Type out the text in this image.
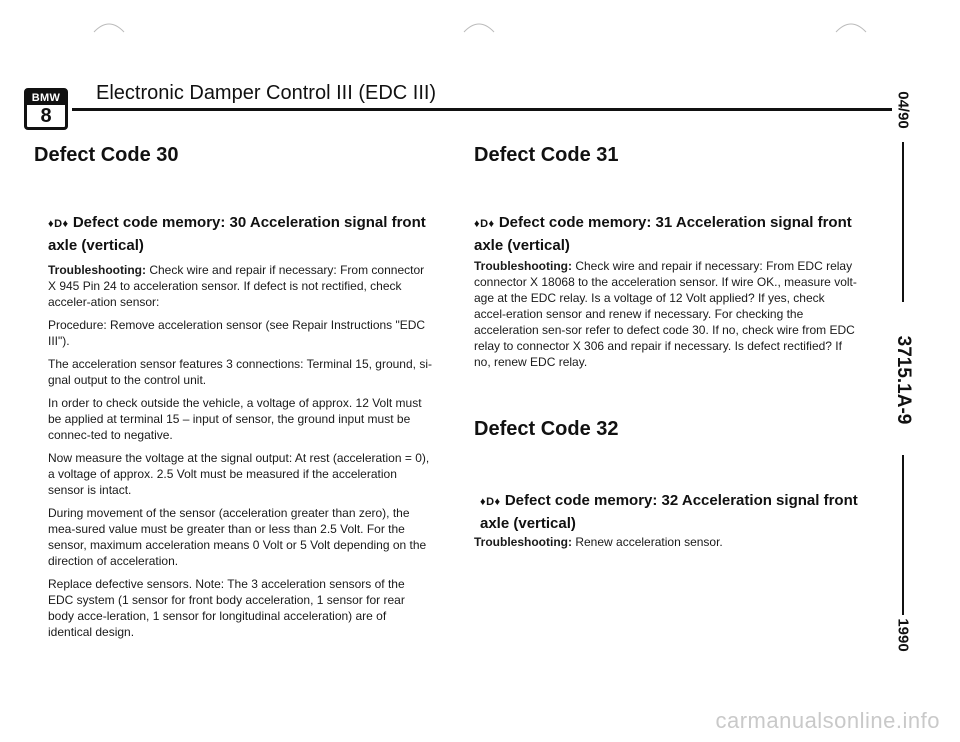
BMW
8
Electronic Damper Control III (EDC III)	04/90
3715.1A-9
1990
Defect Code 30
♦D♦ Defect code memory: 30 Acceleration signal front axle (vertical)

Troubleshooting: Check wire and repair if necessary: From connector X 945 Pin 24 to acceleration sensor. If defect is not rectified, check acceler-ation sensor:

Procedure: Remove acceleration sensor (see Repair Instructions "EDC III").

The acceleration sensor features 3 connections: Terminal 15, ground, si-gnal output to the control unit.

In order to check outside the vehicle, a voltage of approx. 12 Volt must be applied at terminal 15 – input of sensor, the ground input must be connec-ted to negative.

Now measure the voltage at the signal output: At rest (acceleration = 0), a voltage of approx. 2.5 Volt must be measured if the acceleration sensor is intact.

During movement of the sensor (acceleration greater than zero), the mea-sured value must be greater than or less than 2.5 Volt. For the sensor, maximum acceleration means 0 Volt or 5 Volt depending on the direction of acceleration.

Replace defective sensors. Note: The 3 acceleration sensors of the EDC system (1 sensor for front body acceleration, 1 sensor for rear body acce-leration, 1 sensor for longitudinal acceleration) are of identical design.

Defect Code 31
♦D♦ Defect code memory: 31 Acceleration signal front axle (vertical)

Troubleshooting: Check wire and repair if necessary: From EDC relay connector X 18068 to the acceleration sensor. If wire OK., measure volt-age at the EDC relay. Is a voltage of 12 Volt applied? If yes, check accel-eration sensor and renew if necessary. For checking the acceleration sen-sor refer to defect code 30. If no, check wire from EDC relay to connector X 306 and repair if necessary. Is defect rectified? If no, renew EDC relay.

Defect Code 32
♦D♦ Defect code memory: 32 Acceleration signal front axle (vertical)

Troubleshooting: Renew acceleration sensor.

carmanualsonline.info
